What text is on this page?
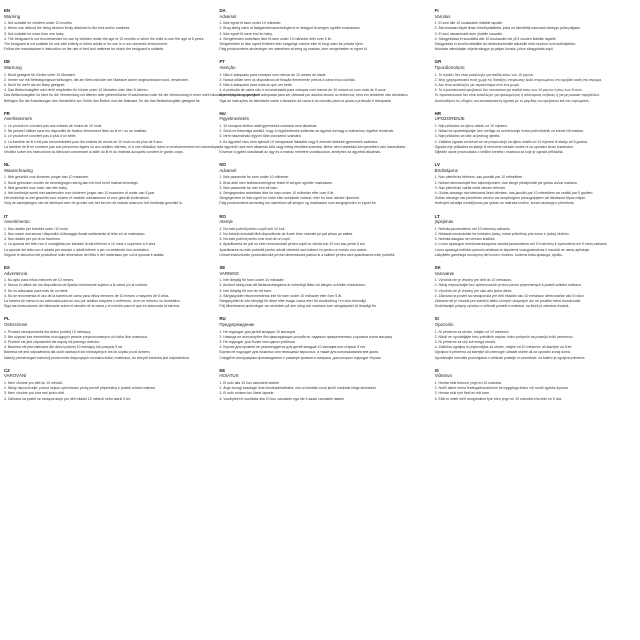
EN
Warning
1. Not suitable for children under 10 months.
2. Never use without the fixing devices firmly attached to the bed and/or mattress.
3. Not suitable for more than one baby.
4. The bedguard is not recommended for use by children under the age of 10 months or when the child is over the age of 5 years.
The bedguard is not suitable for use with elderly or infirm adults or for use in a non-domestic environment.
Follow the manufacturer's instruction on the use of bed and mattress for which the bedguard is suitable.
DE
Warnung
1. Nicht geeignet für Kinder unter 10 Monaten.
2. Immer nur mit Befestigungsvorrichtungen, die am Bett und/oder der Matratze sicher angeschlossen sind, verwenden.
3. Nicht für mehr als ein Baby geeignet.
4. Das Bettschutzgitter wird nicht empfohlen für Kinder unter 10 Monaten oder über 5 Jahren.
Das Bettschutzgitter ist nicht für die Verwendung mit älteren oder gebrechlichen Erwachsenen oder für die Verwendung in einer nicht häuslichen Umgebung geeignet.
Befolgen Sie die Anweisungen des Herstellers zur Größe des Bettes und der Matratze, für die das Bettschutzgitter geeignet ist.
FR
Avertissement
1. Le produit ne convient pas aux enfants de moins de 10 mois.
2. Ne jamais l'utiliser sans les dispositifs de fixation fermement fixés au lit et / ou au matelas.
3. Le produit ne convient pas à plus d'un bébé.
4. La barrière de lit n'est pas recommandée pour les enfants de moins de 10 mois ou de plus de 5 ans.
La barrière de lit ne convient pas aux personnes âgées ou aux adultes infirmes, ni à une utilisation dans un environnement non domestique.
Veuillez suivre les instructions du fabricant concernant la taille du lit et du matelas auxquels convient le garde-corps.
NL
Waarschuwing
1. Niet geschikt voor kinderen jonger dan 10 maanden.
2. Nooit gebruiken zonder de bevestigingen stevig aan het bed en/of matras bevestigd.
3. Niet geschikt voor meer dan één baby.
4. Het bedhekje wordt niet aanbevolen voor kinderen jonger dan 10 maanden of ouder dan 5 jaar.
Het bedhekje is niet geschikt voor oudere of zwakke volwassenen of voor gebruik buitenshuis.
Volg de aanwijzingen van de fabrikant over de grootte van het bed en de matras waarvoor het bedhekje geschikt is.
IT
Avvertimento
1. Non adatto per bambini sotto i 10 mesi.
2. Non usare mai senza i dispositivi di fissaggio fissati saldamente al letto e/o al materasso.
3. Non adatto per più di un bambino.
4. La sponda del letto non è consigliata per bambini di età inferiore a 10 mesi o superiore a 5 anni.
La sponda del letto non è adatta per anziani o adulti infermi o per un ambiente non domestico.
Seguire le istruzioni del produttore sulle dimensioni del letto e del materasso per cui la sponda è adatta.
ES
Advertencia
1. No apto para niños menores de 10 meses.
2. Nunca lo utilice sin los dispositivos de fijación firmemente sujetos a la cama y/o al colchón.
3. No es adecuado para más de un bebé.
4. No se recomienda el uso de la barrera de cama para niños menores de 10 meses o mayores de 5 años.
La barrera de cama no es adecuada para su uso por adultos mayores o enfermos, ni en un entorno no doméstico.
Siga las instrucciones del fabricante sobre el tamaño de la cama y el colchón para el que es adecuada la barrera.
PL
Ostrzeżenie
1. Produkt nieodpowiedni dla dzieci poniżej 10 miesięcy.
2. Nie używać bez elementów mocujących pewnie przymocowanych do łóżka i/lub materaca.
3. Produkt nie jest odpowiedni dla więcej niż jednego dziecka.
4. Barierka nie jest zalecana dla dzieci poniżej 10 miesięcy lub powyżej 5 lat.
Barierka nie jest odpowiednia dla osób starszych lub niedołężnych ani do użytku poza domem.
Należy przestrzegać instrukcji producenta dotyczących rozmiaru łóżka i materaca, do których barierka jest odpowiednia.
CZ
VAROVÁNÍ
1. Není vhodné pro děti do 10 měsíců.
2. Nikdy nepoužívejte, pokud nejsou upevňovací prvky pevně připevněny k posteli a/nebo matraci.
3. Není vhodné pro více než jedno dítě.
4. Zábrana na postel se nedoporučuje pro děti mladší 10 měsíců nebo starší 5 let.
DA
Advarsel
1. Ikke egnet til børn under 10 måneder.
2. Brug aldrig uden at fastgørelsesanordningerne er fastgjort til sengen og/eller madrassen.
3. Ikke egnet til mere end én baby.
4. Sengehesten anbefales ikke til børn under 10 måneder eller over 5 år.
Sengehesten er ikke egnet til ældre eller svagelige voksne eller til brug uden for private hjem.
Følg producentens anvisninger om størrelsen af seng og madras, som sengehesten er egnet til.
PT
Atenção
1. Não é adequado para crianças com menos de 10 meses de idade.
2. Nunca utilize sem os dispositivos de fixação firmemente presos à cama e/ou colchão.
3. Não é adequado para mais do que um bebé.
4. A proteção de cama não é recomendada para crianças com menos de 10 meses ou com mais de 5 anos.
A proteção de cama não é adequada para ser utilizada por adultos idosos ou enfermos, nem em ambiente não doméstico.
Siga as instruções do fabricante sobre o tamanho da cama e do colchão para os quais a proteção é adequada.
HU
Figyelmeztetés
1. 10 hónapos életkor alatti gyermekek számára nem alkalmas.
2. Soha ne használja anélkül, hogy a rögzítőelemek szilárdan az ágyhoz és/vagy a matrachoz rögzítve lennének.
3. Nem használható egynél több csecsemő számára.
4. Az ágyvédő rács nem ajánlott 10 hónaposnál fiatalabb vagy 5 évesnél idősebb gyermekek számára.
Az ágyvédő rács nem alkalmas idős vagy beteg felnőttek számára, illetve nem háztartási környezetben való használatra.
Kövesse a gyártó utasításait az ágy és a matrac méretére vonatkozóan, amelyhez az ágyvédő alkalmas.
NO
Advarsel
1. Ikke passende for barn under 10 måneder.
2. Bruk aldri uten festeanordningene festet til sengen og/eller madrassen.
3. Ikke passende for mer enn ett barn.
4. Sengegrinden anbefales ikke for barn under 10 måneder eller over 5 år.
Sengegrinden er ikke egnet for eldre eller svekkede voksne, eller for bruk utenfor hjemmet.
Følg produsentens anvisning om størrelsen på sengen og madrassen som sengegrinden er egnet for.
RO
Atenție
1. Nu este potrivit pentru copiii sub 10 luni.
2. Nu folosiți niciodată fără dispozitivele de fixare bine montate pe pat și/sau pe saltea.
3. Nu este potrivit pentru mai mult de un copil.
4. Aparătoarea de pat nu este recomandată pentru copiii cu vârsta sub 10 luni sau peste 5 ani.
Aparătoarea nu este potrivită pentru adulții vârstnici sau bolnavi ori pentru un mediu non-casnic.
Urmați instrucțiunile producătorului privind dimensiunea patului și a saltelei pentru care aparătoarea este potrivită.
SE
VARNING
1. Inte lämplig för barn under 10 månader.
2. Använd aldrig utan att fästanordningarna är ordentligt fästa vid sängen och/eller madrassen.
3. Inte lämplig för mer än ett barn.
4. Sängskyddet rekommenderas inte för barn under 10 månader eller över 5 år.
Sängskyddet är inte lämpligt för äldre eller svaga vuxna eller för användning i en icke-hemmiljö.
Följ tillverkarens anvisningar om storleken på den säng och madrass som sängskyddet är lämpligt för.
RU
Предупреждение
1. Не подходит для детей младше 10 месяцев.
2. Никогда не используйте без фиксирующих устройств, надежно прикрепленных к кровати и/или матрасу.
3. Не подходит для более чем одного ребенка.
4. Бортик для кровати не рекомендуется для детей младше 10 месяцев или старше 5 лет.
Бортик не подходит для пожилых или немощных взрослых, а также для использования вне дома.
Следуйте инструкциям производителя о размере кровати и матраса, для которых подходит бортик.
EE
HOIATUS
1. Ei sobi alla 10 kuu vanustele lastele.
2. Ärge kunagi kasutage ilma kinnitusdetailideta, mis on kindlalt voodi ja/või madratsi külge kinnitatud.
3. Ei sobi rohkem kui ühele lapsele.
4. Voodipiiret ei soovitata alla 10 kuu vanustele ega üle 5 aasta vanustele lastele.
FI
Varoitus
1. Ei sovi alle 10 kuukauden ikäisille lapsille.
2. Älä koskaan käytä ilman kiinnityslaitteita, jotka on kiinnitetty tukevasti sänkyyn ja/tai patjaan.
3. Ei sovi useammalle kuin yhdelle vauvalle.
4. Sängynlaitaa ei suositella alle 10 kuukauden tai yli 5 vuoden ikäisille lapsille.
Sängynlaita ei sovellu iäkkäille tai heikkokuntoisille aikuisille eikä muuhun kuin kotikäyttöön.
Noudata valmistajan ohjeita sängyn ja patjan koosta, johon sängynlaita sopii.
GR
Προειδοποίηση
1. Το προϊόν δεν είναι κατάλληλο για παιδιά κάτω των 10 μηνών.
2. Μην χρησιμοποιείτε ποτέ χωρίς τις διατάξεις στερέωσης καλά στερεωμένες στο κρεβάτι και/ή στο στρώμα.
3. Δεν είναι κατάλληλο για περισσότερα από ένα μωρά.
4. Το προστατευτικό κρεβατιού δεν συνιστάται για παιδιά κάτω των 10 μηνών ή άνω των 5 ετών.
Το προστατευτικό δεν είναι κατάλληλο για ηλικιωμένους ή αδύναμους ενήλικες ή για μη οικιακό περιβάλλον.
Ακολουθήστε τις οδηγίες του κατασκευαστή σχετικά με το μέγεθος του κρεβατιού και του στρώματος.
HR
UPOZORENJE
1. Nije prikladno za djecu mlađu od 10 mjeseci.
2. Nikad ne upotrebljavajte bez uređaja za učvršćivanje čvrsto pričvršćenih za krevet i/ili madrac.
3. Nije prikladno za više od jednog djeteta.
4. Zaštitna ograda za krevet se ne preporučuje za djecu mlađu od 10 mjeseci ili stariju od 5 godina.
Ograda nije prikladna za starije ili nemoćne odrasle osobe ni za uporabu izvan kućanstva.
Slijedite upute proizvođača o veličini kreveta i madraca za koje je ograda prikladna.
LV
Brīdinājums
1. Nav piemērots bērniem, kas jaunāki par 10 mēnešiem.
2. Nekad neizmantojiet bez stiprinājumiem, kas stingri piestiprināti pie gultas un/vai matrača.
3. Nav piemērots vairāk nekā vienam bērnam.
4. Gultas aizsargu nav ieteicams lietot bērniem, kas jaunāki par 10 mēnešiem vai vecāki par 5 gadiem.
Gultas aizsargs nav piemērots veciem vai nespēcīgiem pieaugušajiem vai lietošanai ārpus mājas.
Ievērojiet ražotāja norādījumus par gultas un matrača izmēru, kuram aizsargs ir piemērots.
LT
Įspėjimas
1. Netinka jaunesniems nei 10 mėnesių vaikams.
2. Niekada nenaudokite be tvirtinimo įtaisų, tvirtai pritvirtintų prie lovos ir (arba) čiužinio.
3. Netinka daugiau nei vienam kūdikiui.
4. Lovos apsaugos nerekomenduojama naudoti jaunesniems nei 10 mėnesių ir vyresniems nei 5 metų vaikams.
Lovos apsauga netinka vyresnio amžiaus ar silpniems suaugusiesiems ir naudoti ne namų aplinkoje.
Laikykitės gamintojo nurodymų dėl lovos ir čiužinio, kuriems tinka apsauga, dydžio.
SK
Varovanie
1. Výrobok nie je vhodný pre deti do 10 mesiacov.
2. Nikdy nepoužívajte bez upevňovacích prvkov pevne pripevnených k posteli a/alebo matracu.
3. Výrobok nie je vhodný pre viac ako jedno dieťa.
4. Zábrana na posteľ sa neodporúča pre deti mladšie ako 10 mesiacov alebo staršie ako 5 rokov.
Zábrana nie je vhodná pre starších alebo chorých dospelých ani na použitie mimo domácnosti.
Dodržiavajte pokyny výrobcu o veľkosti postele a matraca, na ktoré je zábrana vhodná.
SI
Opozorilo
1. Ni primerno za otroke, mlajše od 10 mesecev.
2. Nikoli ne uporabljajte brez pritrdilnih naprav, trdno pritrjenih na posteljo in/ali vzmetnico.
3. Ni primerno za več kot enega otroka.
4. Zaščitna ograjica ni priporočljiva za otroke, mlajše od 10 mesecev, ali starejše od 5 let.
Ograjica ni primerna za starejše ali onemogle odrasle osebe ali za uporabo zunaj doma.
Upoštevajte navodila proizvajalca o velikosti postelje in vzmetnice, za katero je ograjica primerna.
IS
Viðvörun
1. Hentar ekki börnum yngri en 10 mánaða.
2. Notið aldrei nema festingarbúnaðurinn sé tryggilega festur við rúmið og/eða dýnuna.
3. Hentar ekki fyrir fleiri en eitt barn.
4. Ekki er mælt með rúmgrindinni fyrir börn yngri en 10 mánaða eða eldri en 5 ára.
